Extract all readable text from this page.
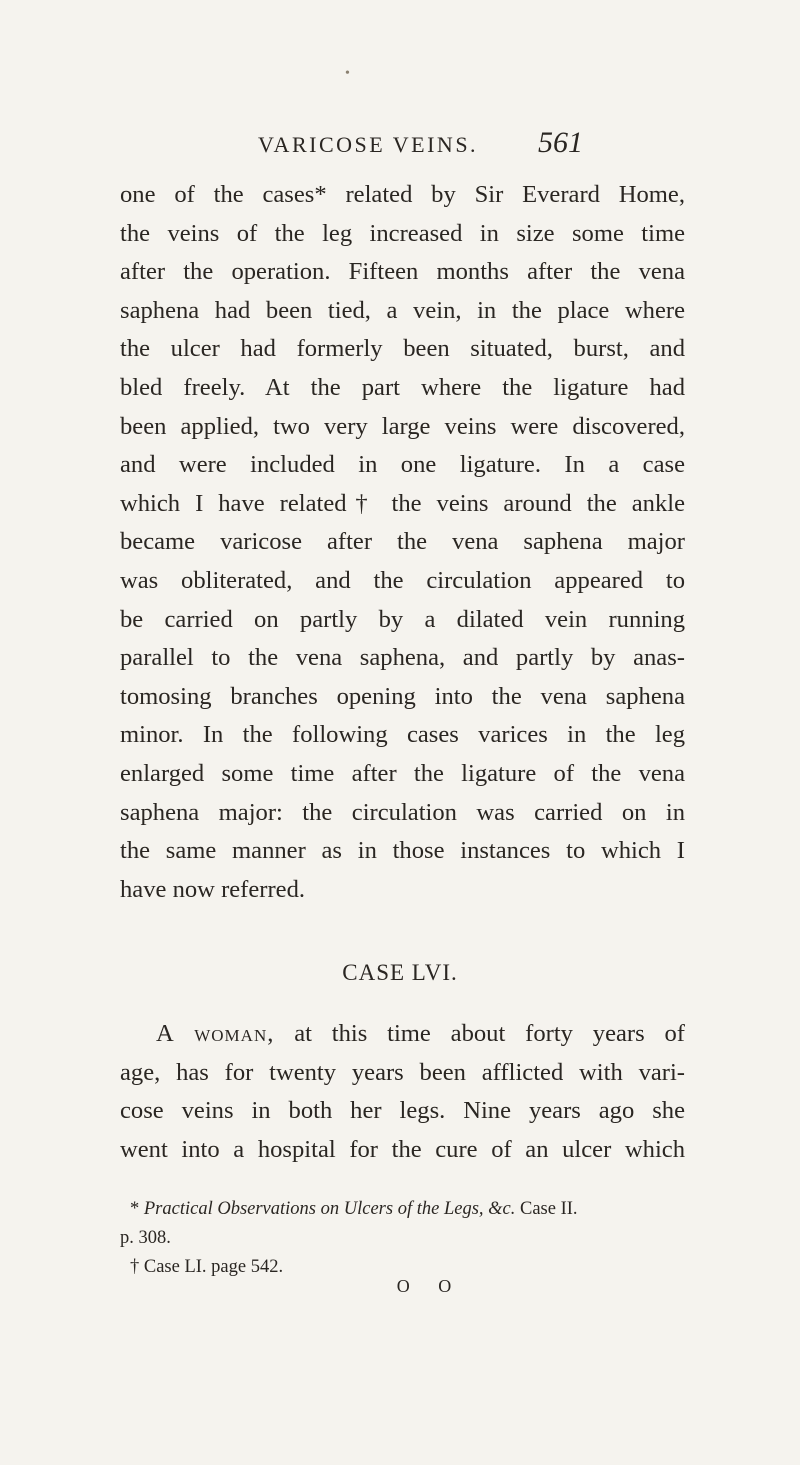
•
VARICOSE VEINS. 561
one of the cases* related by Sir Everard Home,
the veins of the leg increased in size some time
after the operation. Fifteen months after the vena
saphena had been tied, a vein, in the place where
the ulcer had formerly been situated, burst, and
bled freely. At the part where the ligature had
been applied, two very large veins were discovered,
and were included in one ligature. In a case
which I have related† the veins around the ankle
became varicose after the vena saphena major
was obliterated, and the circulation appeared to
be carried on partly by a dilated vein running
parallel to the vena saphena, and partly by anas-
tomosing branches opening into the vena saphena
minor. In the following cases varices in the leg
enlarged some time after the ligature of the vena
saphena major: the circulation was carried on in
the same manner as in those instances to which I
have now referred.
CASE LVI.
A woman, at this time about forty years of
age, has for twenty years been afflicted with vari-
cose veins in both her legs. Nine years ago she
went into a hospital for the cure of an ulcer which
* Practical Observations on Ulcers of the Legs, &c. Case II.
p. 308.
† Case LI. page 542.
O O
